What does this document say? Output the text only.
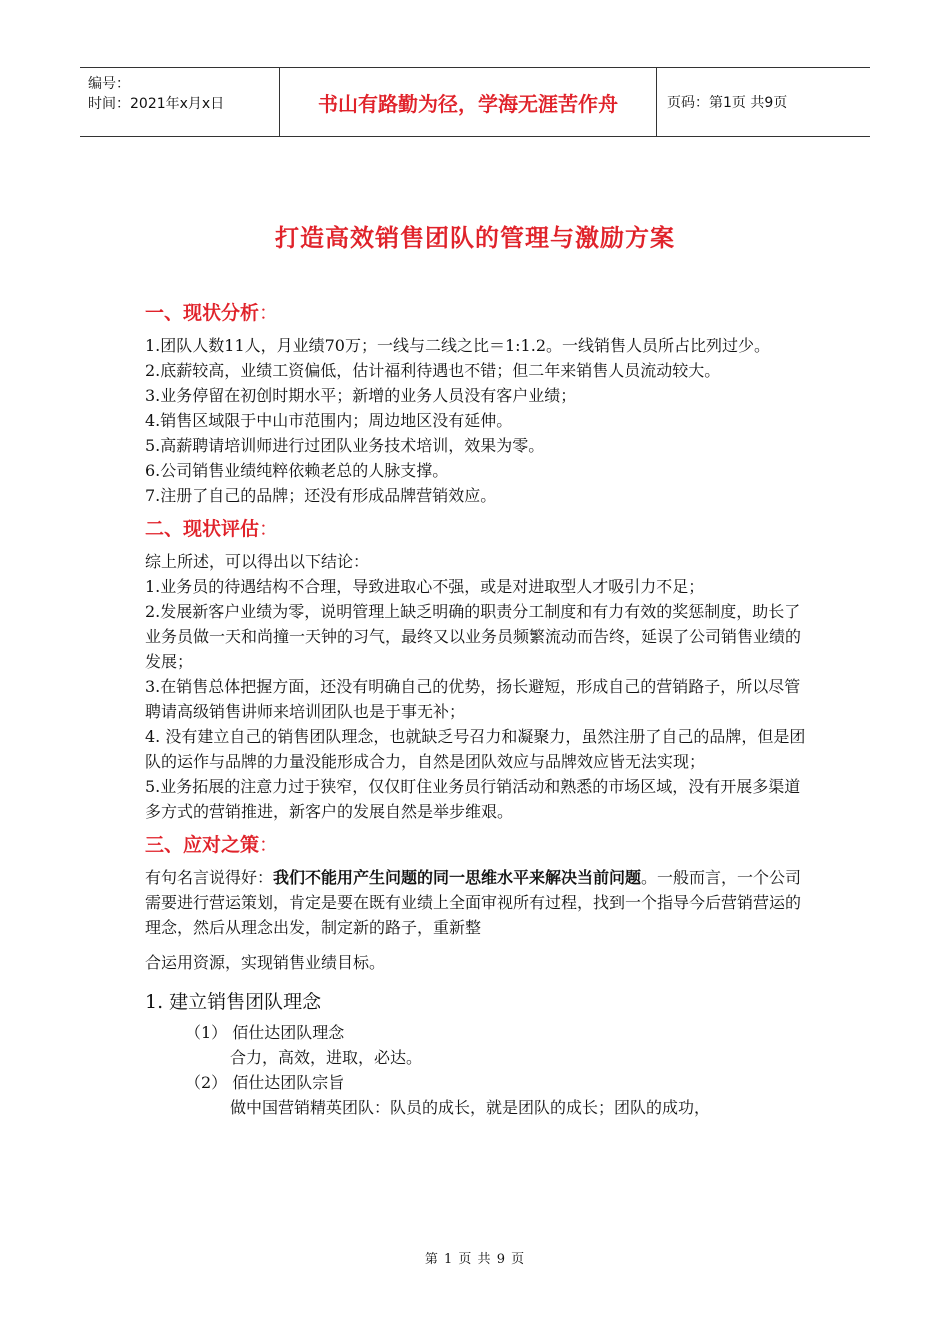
编号：
时间：2021年x月x日	书山有路勤为径，学海无涯苦作舟	页码：第1页 共9页
打造高效销售团队的管理与激励方案
一、现状分析：

1.团队人数11人，月业绩70万；一线与二线之比＝1:1.2。一线销售人员所占比列过少。

2.底薪较高，业绩工资偏低，估计福利待遇也不错；但二年来销售人员流动较大。

3.业务停留在初创时期水平；新增的业务人员没有客户业绩；

4.销售区域限于中山市范围内；周边地区没有延伸。

5.高薪聘请培训师进行过团队业务技术培训，效果为零。

6.公司销售业绩纯粹依赖老总的人脉支撑。

7.注册了自己的品牌；还没有形成品牌营销效应。

二、现状评估：

综上所述，可以得出以下结论：

1.业务员的待遇结构不合理，导致进取心不强，或是对进取型人才吸引力不足；

2.发展新客户业绩为零，说明管理上缺乏明确的职责分工制度和有力有效的奖惩制度，助长了业务员做一天和尚撞一天钟的习气，最终又以业务员频繁流动而告终，延误了公司销售业绩的发展；

3.在销售总体把握方面，还没有明确自己的优势，扬长避短，形成自己的营销路子，所以尽管聘请高级销售讲师来培训团队也是于事无补；

4. 没有建立自己的销售团队理念，也就缺乏号召力和凝聚力，虽然注册了自己的品牌，但是团队的运作与品牌的力量没能形成合力，自然是团队效应与品牌效应皆无法实现；

5.业务拓展的注意力过于狭窄，仅仅盯住业务员行销活动和熟悉的市场区域，没有开展多渠道多方式的营销推进，新客户的发展自然是举步维艰。

三、应对之策：

有句名言说得好：我们不能用产生问题的同一思维水平来解决当前问题。一般而言，一个公司需要进行营运策划，肯定是要在既有业绩上全面审视所有过程，找到一个指导今后营销营运的理念，然后从理念出发，制定新的路子，重新整

合运用资源，实现销售业绩目标。

1. 建立销售团队理念

（1） 佰仕达团队理念

合力，高效，进取，必达。

（2） 佰仕达团队宗旨

做中国营销精英团队：队员的成长，就是团队的成长；团队的成功，

第 1 页 共 9 页
